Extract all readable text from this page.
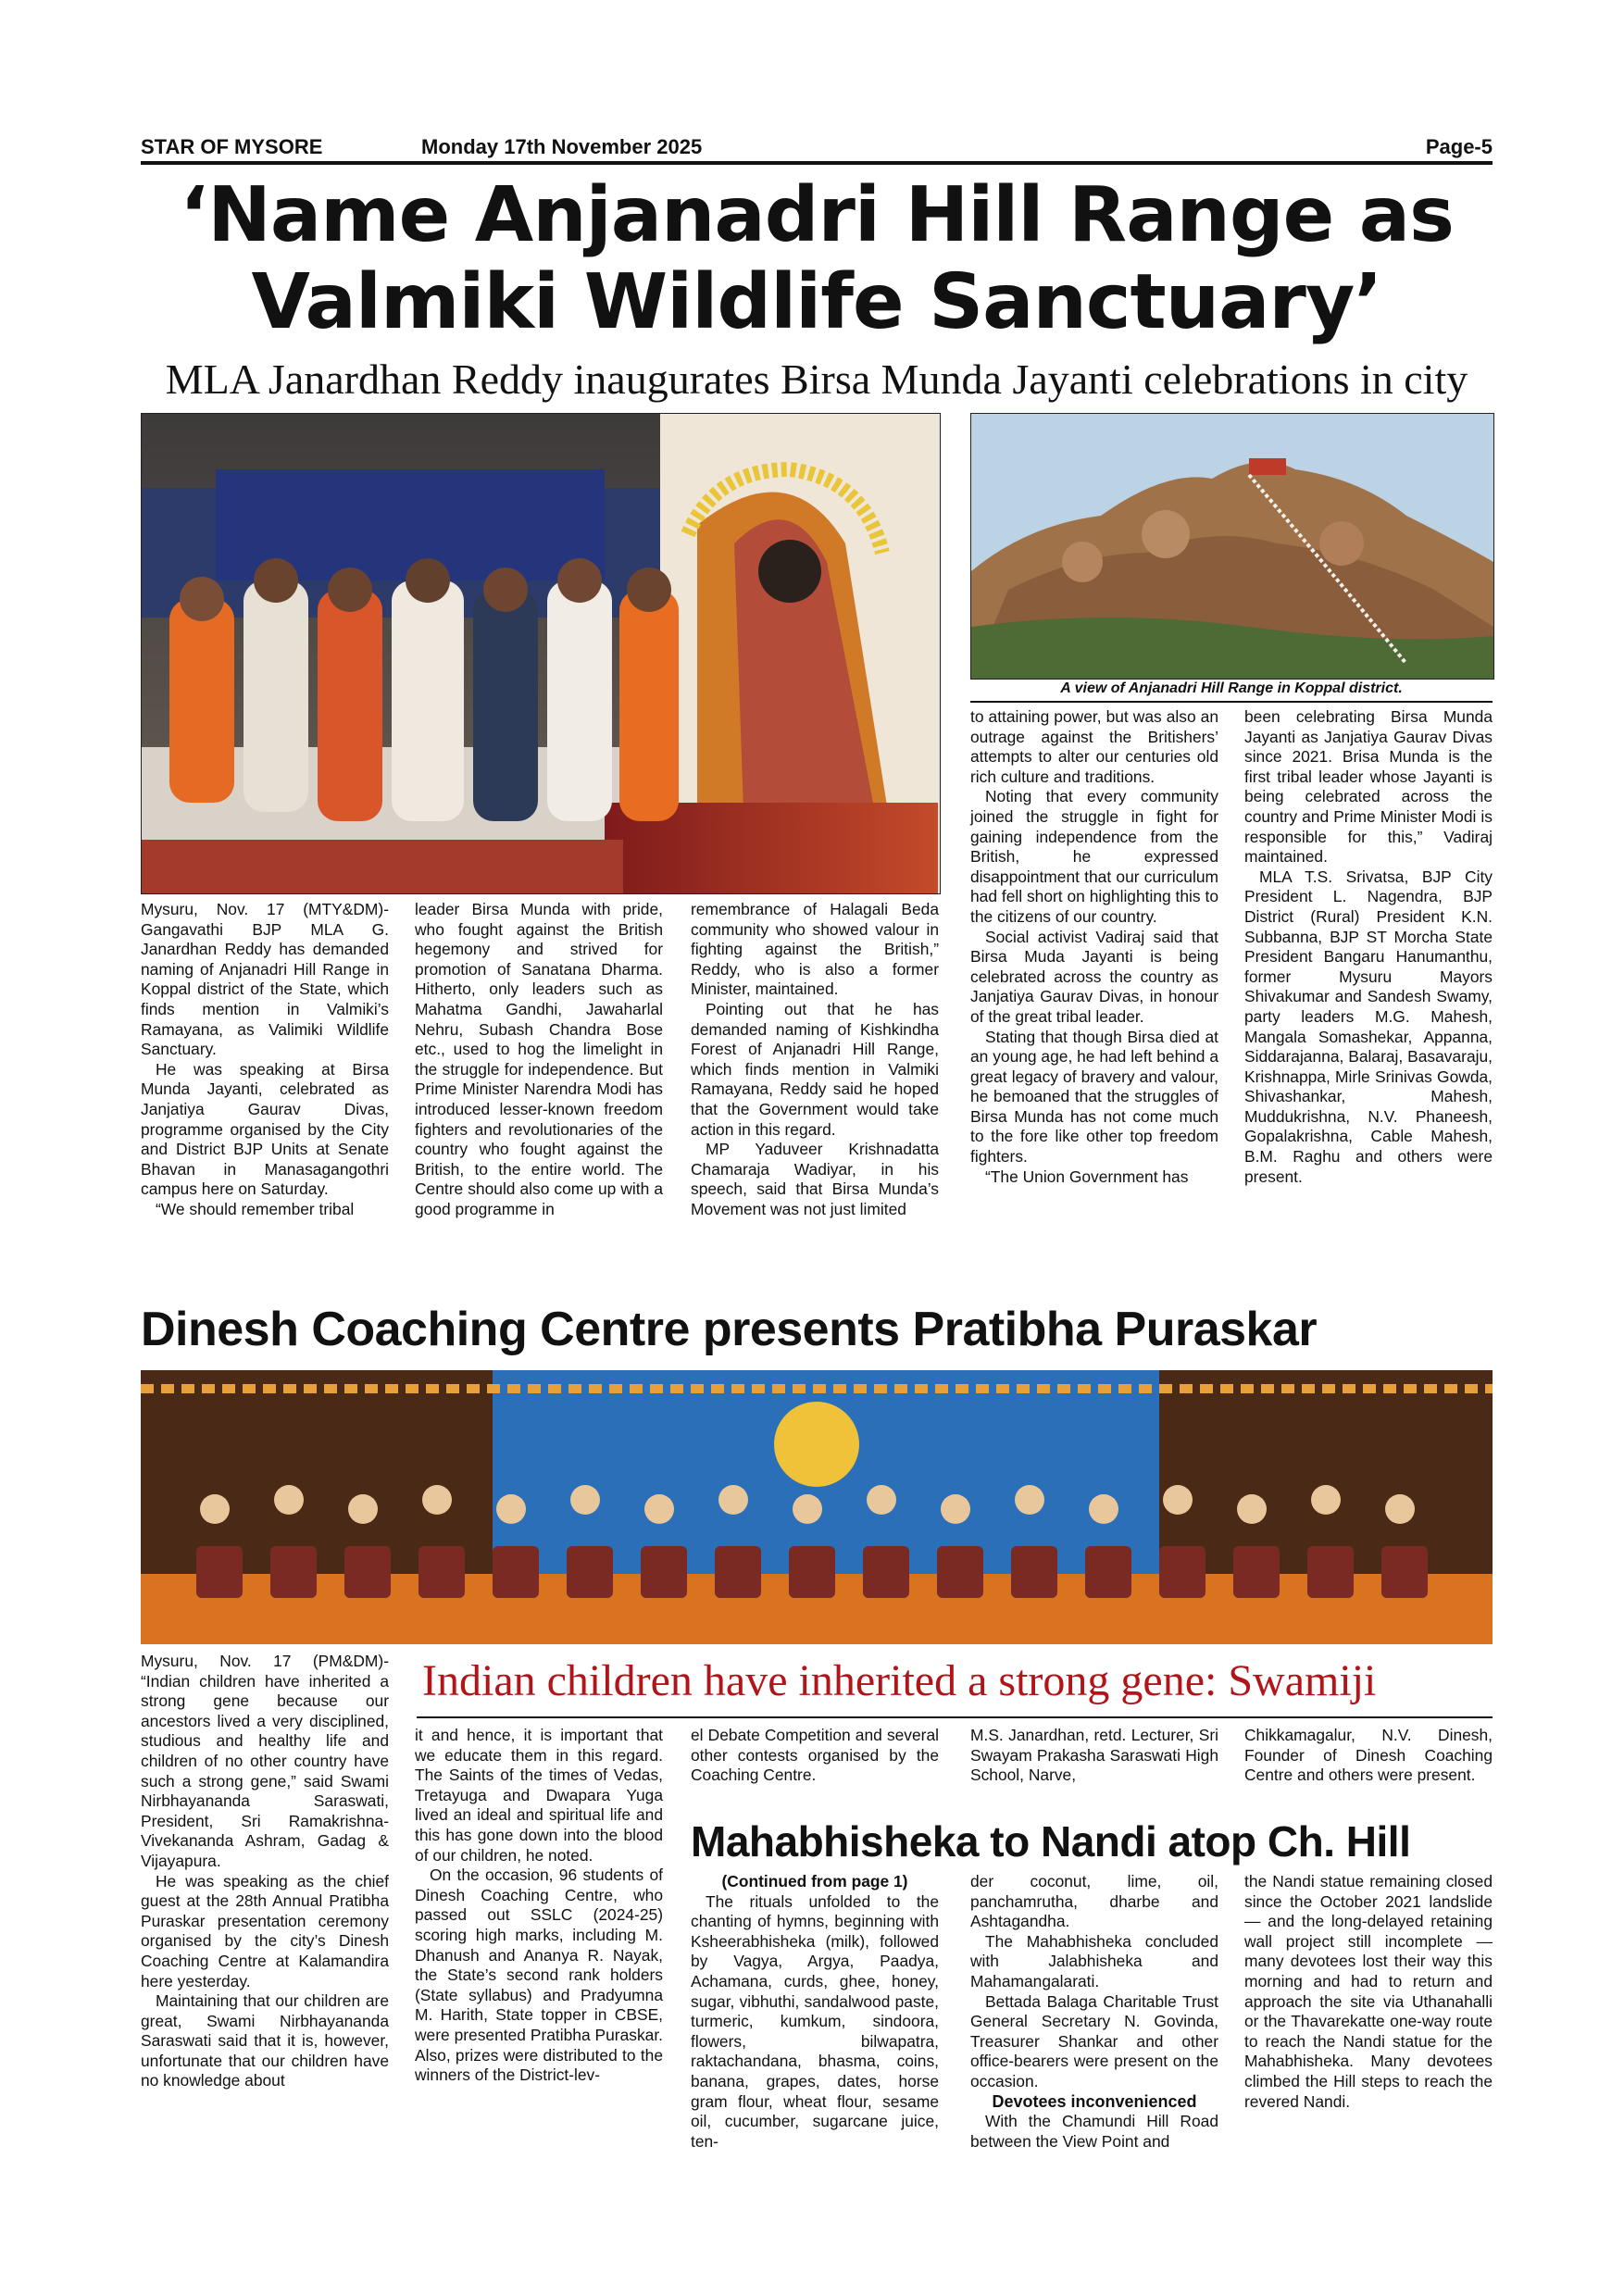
STAR OF MYSORE	Monday 17th November 2025	Page-5
‘Name Anjanadri Hill Range as
Valmiki Wildlife Sanctuary’
MLA Janardhan Reddy inaugurates Birsa Munda Jayanti celebrations in city
A view of Anjanadri Hill Range in Koppal district.

Mysuru, Nov. 17 (MTY&DM)- Gangavathi BJP MLA G. Janardhan Reddy has demanded naming of Anjanadri Hill Range in Koppal district of the State, which finds mention in Valmiki’s Ramayana, as Valimiki Wildlife Sanctuary.

He was speaking at Birsa Munda Jayanti, celebrated as Janjatiya Gaurav Divas, programme organised by the City and District BJP Units at Senate Bhavan in Manasagangothri campus here on Saturday.

“We should remember tribal

leader Birsa Munda with pride, who fought against the British hegemony and strived for promotion of Sanatana Dharma. Hitherto, only leaders such as Mahatma Gandhi, Jawaharlal Nehru, Subash Chandra Bose etc., used to hog the limelight in the struggle for independence. But Prime Minister Narendra Modi has introduced lesser-known freedom fighters and revolutionaries of the country who fought against the British, to the entire world. The Centre should also come up with a good programme in

remembrance of Halagali Beda community who showed valour in fighting against the British,” Reddy, who is also a former Minister, maintained.

Pointing out that he has demanded naming of Kishkindha Forest of Anjanadri Hill Range, which finds mention in Valmiki Ramayana, Reddy said he hoped that the Government would take action in this regard.

MP Yaduveer Krishnadatta Chamaraja Wadiyar, in his speech, said that Birsa Munda’s Movement was not just limited

to attaining power, but was also an outrage against the Britishers’ attempts to alter our centuries old rich culture and traditions.

Noting that every community joined the struggle in fight for gaining independence from the British, he expressed disappointment that our curriculum had fell short on highlighting this to the citizens of our country.

Social activist Vadiraj said that Birsa Muda Jayanti is being celebrated across the country as Janjatiya Gaurav Divas, in honour of the great tribal leader.

Stating that though Birsa died at an young age, he had left behind a great legacy of bravery and valour, he bemoaned that the struggles of Birsa Munda has not come much to the fore like other top freedom fighters.

“The Union Government has

been celebrating Birsa Munda Jayanti as Janjatiya Gaurav Divas since 2021. Brisa Munda is the first tribal leader whose Jayanti is being celebrated across the country and Prime Minister Modi is responsible for this,” Vadiraj maintained.

MLA T.S. Srivatsa, BJP City President L. Nagendra, BJP District (Rural) President K.N. Subbanna, BJP ST Morcha State President Bangaru Hanumanthu, former Mysuru Mayors Shivakumar and Sandesh Swamy, party leaders M.G. Mahesh, Mangala Somashekar, Appanna, Siddarajanna, Balaraj, Basavaraju, Krishnappa, Mirle Srinivas Gowda, Shivashankar, Mahesh, Muddukrishna, N.V. Phaneesh, Gopalakrishna, Cable Mahesh, B.M. Raghu and others were present.

Dinesh Coaching Centre presents Pratibha Puraskar
Indian children have inherited a strong gene: Swamiji

Mysuru, Nov. 17 (PM&DM)- “Indian children have inherited a strong gene because our ancestors lived a very disciplined, studious and healthy life and children of no other country have such a strong gene,” said Swami Nirbhayananda Saraswati, President, Sri Ramakrishna-Vivekananda Ashram, Gadag & Vijayapura.

He was speaking as the chief guest at the 28th Annual Pratibha Puraskar presentation ceremony organised by the city’s Dinesh Coaching Centre at Kalamandira here yesterday.

Maintaining that our children are great, Swami Nirbhayananda Saraswati said that it is, however, unfortunate that our children have no knowledge about

it and hence, it is important that we educate them in this regard. The Saints of the times of Vedas, Tretayuga and Dwapara Yuga lived an ideal and spiritual life and this has gone down into the blood of our children, he noted.

On the occasion, 96 students of Dinesh Coaching Centre, who passed out SSLC (2024-25) scoring high marks, including M. Dhanush and Ananya R. Nayak, the State’s second rank holders (State syllabus) and Pradyumna M. Harith, State topper in CBSE, were presented Pratibha Puraskar. Also, prizes were distributed to the winners of the District-lev-

el Debate Competition and several other contests organised by the Coaching Centre.

M.S. Janardhan, retd. Lecturer, Sri Swayam Prakasha Saraswati High School, Narve,

Chikkamagalur, N.V. Dinesh, Founder of Dinesh Coaching Centre and others were present.

Mahabhisheka to Nandi atop Ch. Hill

(Continued from page 1)

The rituals unfolded to the chanting of hymns, beginning with Ksheerabhisheka (milk), followed by Vagya, Argya, Paadya, Achamana, curds, ghee, honey, sugar, vibhuthi, sandalwood paste, turmeric, kumkum, sindoora, flowers, bilwapatra, raktachandana, bhasma, coins, banana, grapes, dates, horse gram flour, wheat flour, sesame oil, cucumber, sugarcane juice, ten-

der coconut, lime, oil, panchamrutha, dharbe and Ashtagandha.

The Mahabhisheka concluded with Jalabhisheka and Mahamangalarati.

Bettada Balaga Charitable Trust General Secretary N. Govinda, Treasurer Shankar and other office-bearers were present on the occasion.

Devotees inconvenienced

With the Chamundi Hill Road between the View Point and

the Nandi statue remaining closed since the October 2021 landslide — and the long-delayed retaining wall project still incomplete — many devotees lost their way this morning and had to return and approach the site via Uthanahalli or the Thavarekatte one-way route to reach the Nandi statue for the Mahabhisheka. Many devotees climbed the Hill steps to reach the revered Nandi.
